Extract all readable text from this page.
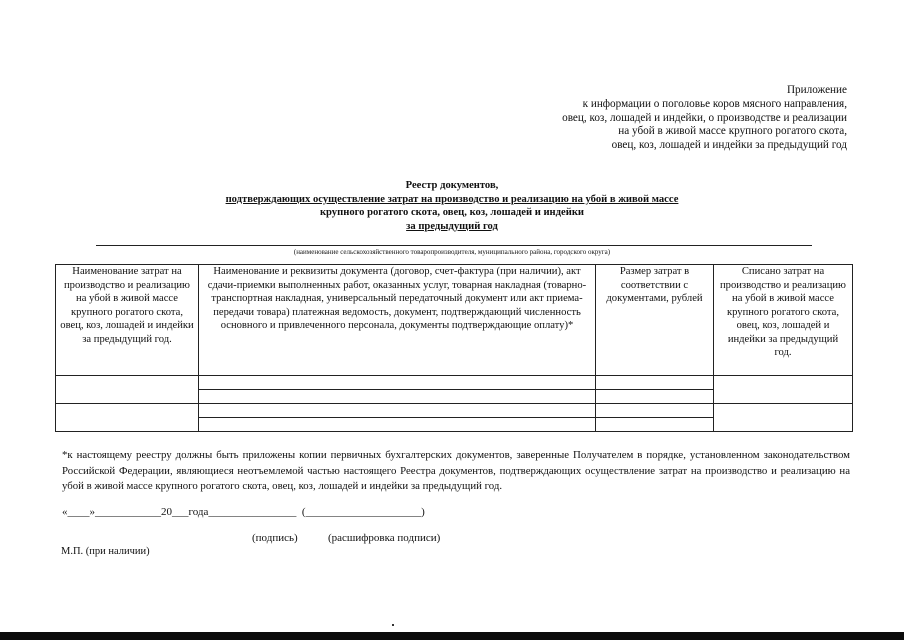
Приложение
к информации о поголовье коров мясного направления,
овец, коз, лошадей и индейки, о производстве и реализации
на убой в живой массе крупного рогатого скота,
овец, коз, лошадей и индейки за предыдущий год
Реестр документов,
подтверждающих осуществление затрат на производство и реализацию на убой в живой массе
крупного рогатого скота, овец, коз, лошадей и индейки
за предыдущий год
(наименование сельскохозяйственного товаропроизводителя, муниципального района, городского округа)
Наименование затрат на производство и реализацию на убой в живой массе крупного рогатого скота, овец, коз, лошадей и индейки за предыдущий год.	Наименование и реквизиты документа (договор, счет-фактура (при наличии), акт сдачи-приемки выполненных работ, оказанных услуг, товарная накладная (товарно-транспортная накладная, универсальный передаточный документ или акт приема-передачи товара) платежная ведомость, документ, подтверждающий численность основного и привлеченного персонала, документы подтверждающие оплату)*	Размер затрат в соответствии с документами, рублей	Списано затрат на производство и реализацию на убой в живой массе крупного рогатого скота, овец, коз, лошадей и индейки за предыдущий год.

*к настоящему реестру должны быть приложены копии первичных бухгалтерских документов, заверенные Получателем в порядке, установленном законодательством Российской Федерации, являющиеся неотъемлемой частью настоящего Реестра документов, подтверждающих осуществление затрат на производство и реализацию на убой в живой массе крупного рогатого скота, овец, коз, лошадей и индейки за предыдущий год.
«____»____________20___года________________  (_____________________)
(подпись)	(расшифровка подписи)
М.П. (при наличии)
